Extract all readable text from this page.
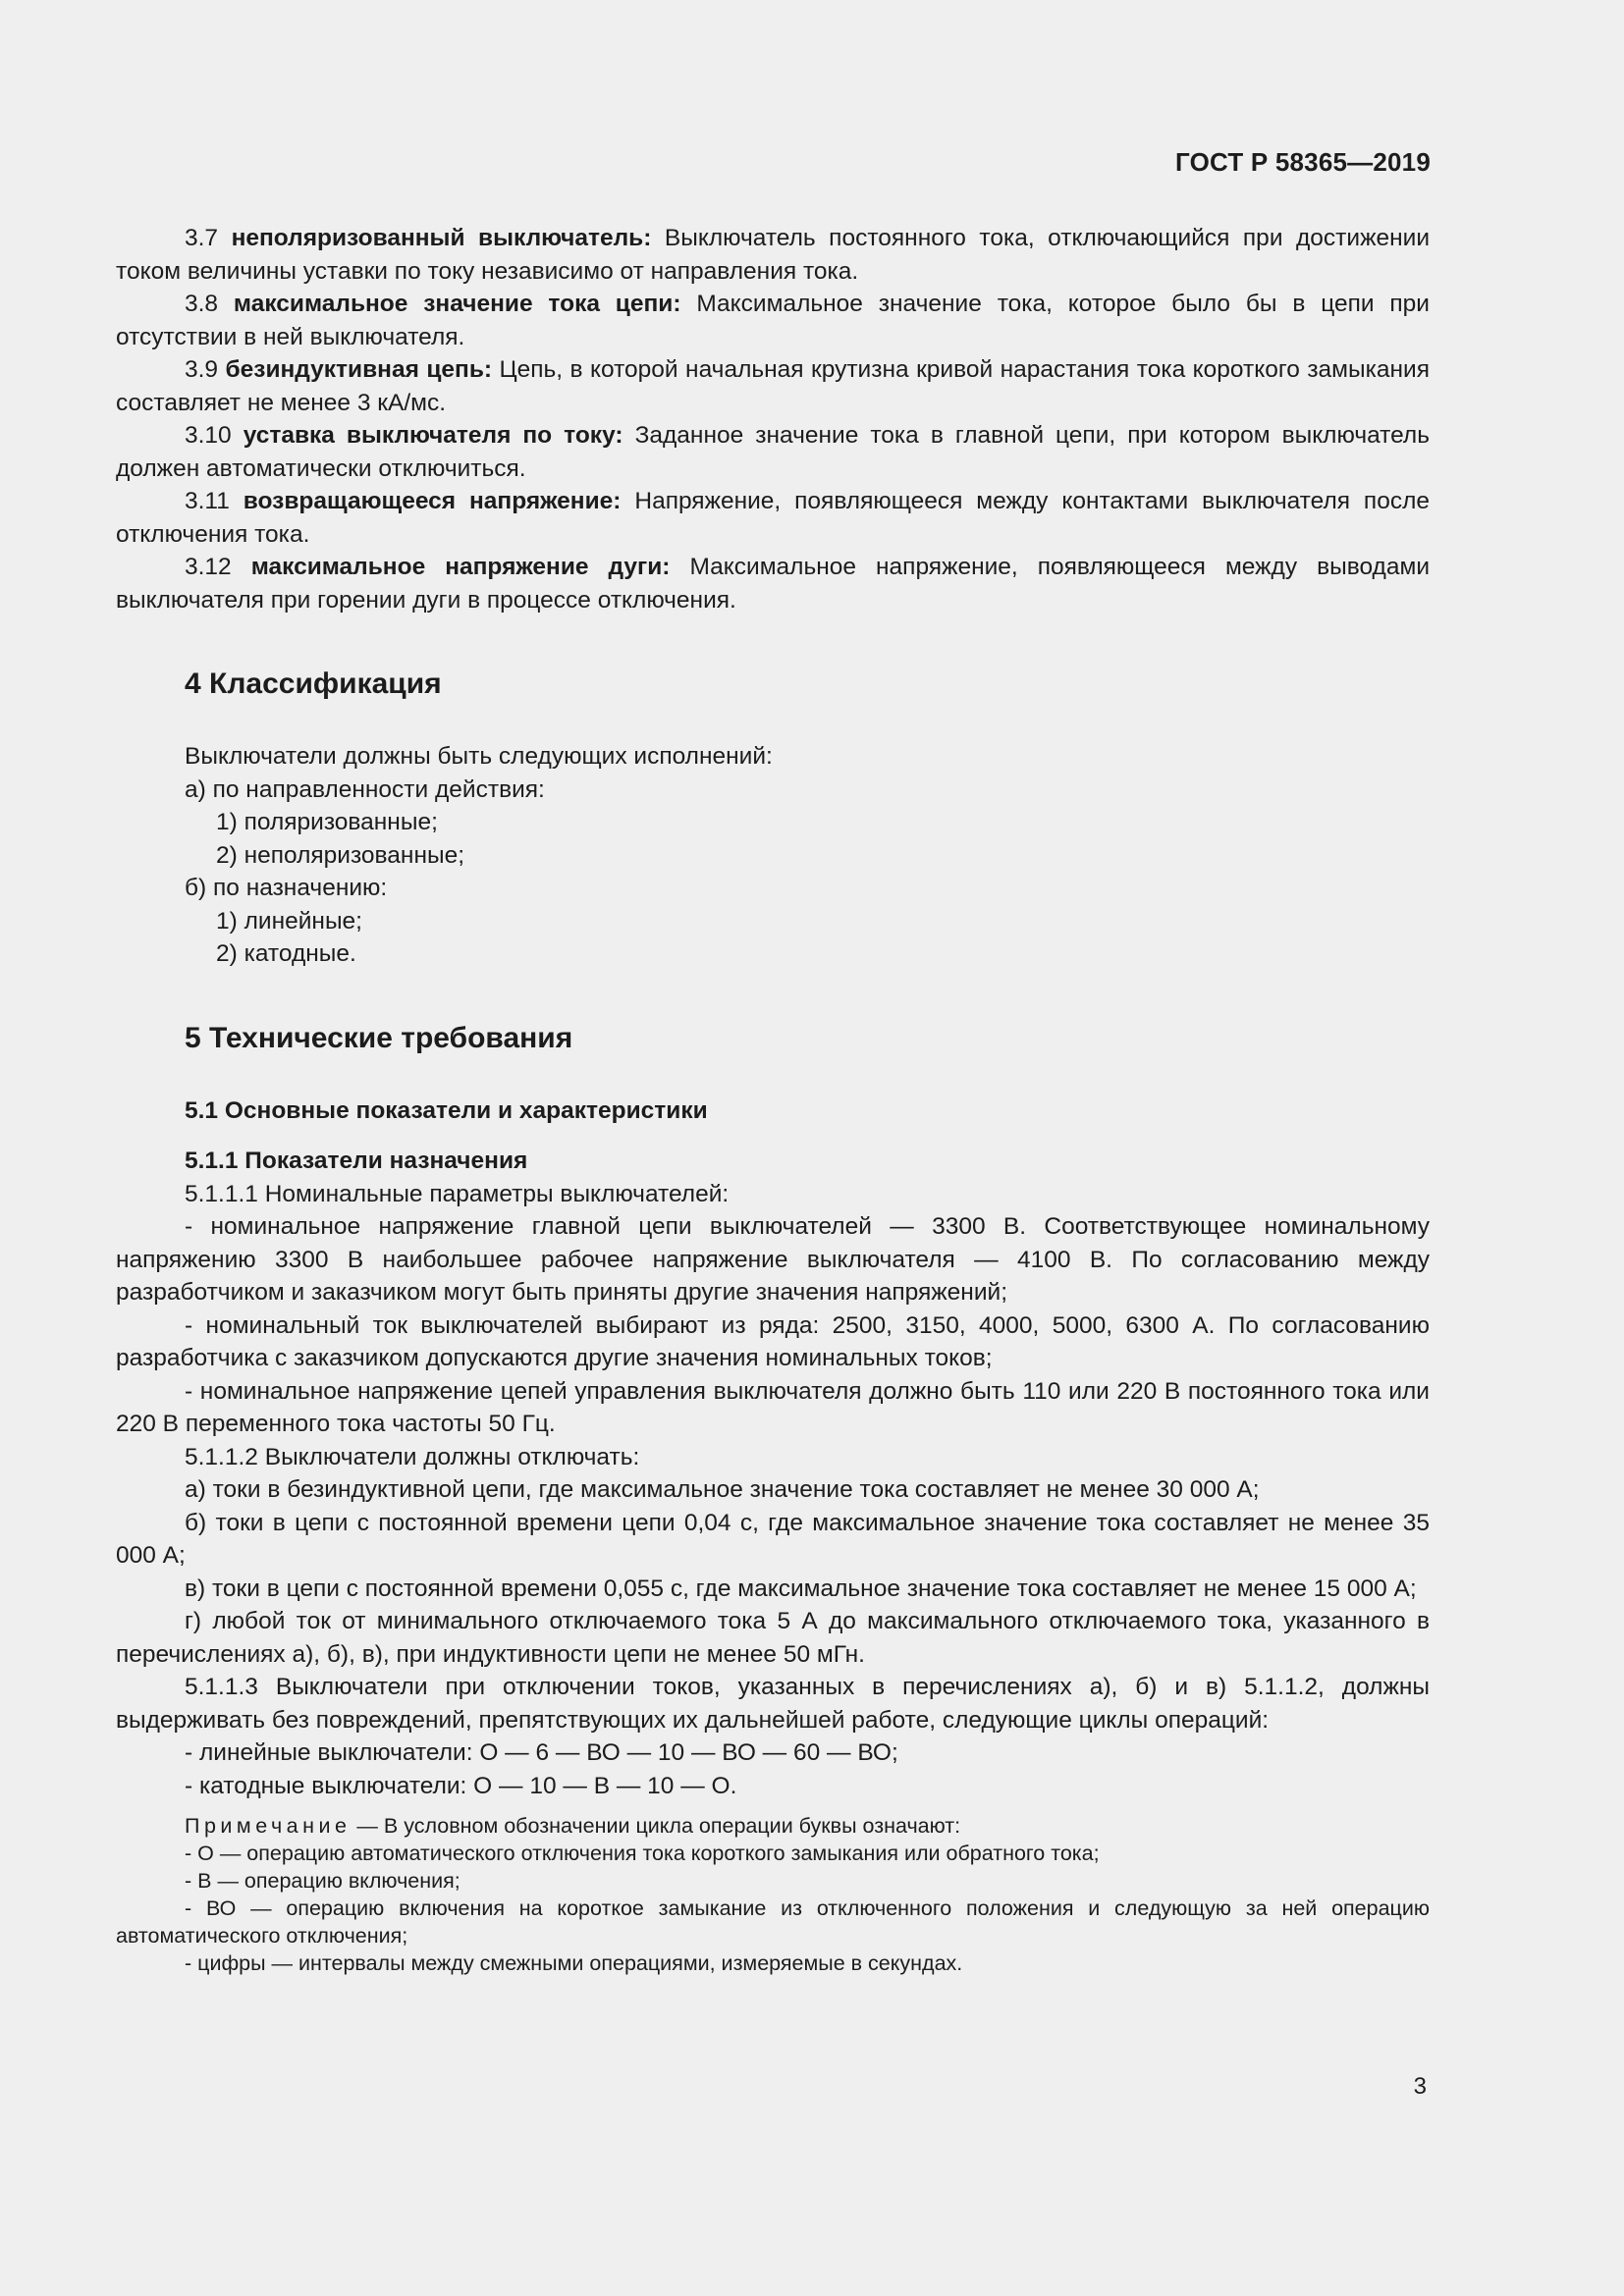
ГОСТ Р 58365—2019

3.7 неполяризованный выключатель: Выключатель постоянного тока, отключающийся при достижении током величины уставки по току независимо от направления тока.

3.8 максимальное значение тока цепи: Максимальное значение тока, которое было бы в цепи при отсутствии в ней выключателя.

3.9 безиндуктивная цепь: Цепь, в которой начальная крутизна кривой нарастания тока короткого замыкания составляет не менее 3 кА/мс.

3.10 уставка выключателя по току: Заданное значение тока в главной цепи, при котором выключатель должен автоматически отключиться.

3.11 возвращающееся напряжение: Напряжение, появляющееся между контактами выключателя после отключения тока.

3.12 максимальное напряжение дуги: Максимальное напряжение, появляющееся между выводами выключателя при горении дуги в процессе отключения.

4 Классификация

Выключатели должны быть следующих исполнений:

а) по направленности действия:

1) поляризованные;

2) неполяризованные;

б) по назначению:

1) линейные;

2) катодные.

5 Технические требования
5.1 Основные показатели и характеристики
5.1.1 Показатели назначения

5.1.1.1 Номинальные параметры выключателей:

- номинальное напряжение главной цепи выключателей — 3300 В. Соответствующее номинальному напряжению 3300 В наибольшее рабочее напряжение выключателя — 4100 В. По согласованию между разработчиком и заказчиком могут быть приняты другие значения напряжений;

- номинальный ток выключателей выбирают из ряда: 2500, 3150, 4000, 5000, 6300 А. По согласованию разработчика с заказчиком допускаются другие значения номинальных токов;

- номинальное напряжение цепей управления выключателя должно быть 110 или 220 В постоянного тока или 220 В переменного тока частоты 50 Гц.

5.1.1.2 Выключатели должны отключать:

а) токи в безиндуктивной цепи, где максимальное значение тока составляет не менее 30 000 А;

б) токи в цепи с постоянной времени цепи 0,04 с, где максимальное значение тока составляет не менее 35 000 А;

в) токи в цепи с постоянной времени 0,055 с, где максимальное значение тока составляет не менее 15 000 А;

г) любой ток от минимального отключаемого тока 5 А до максимального отключаемого тока, указанного в перечислениях а), б), в), при индуктивности цепи не менее 50 мГн.

5.1.1.3 Выключатели при отключении токов, указанных в перечислениях а), б) и в) 5.1.1.2, должны выдерживать без повреждений, препятствующих их дальнейшей работе, следующие циклы операций:

- линейные выключатели: О — 6 — ВО — 10 — ВО — 60 — ВО;

- катодные выключатели: О — 10 — В — 10 — О.

Примечание — В условном обозначении цикла операции буквы означают:

- О — операцию автоматического отключения тока короткого замыкания или обратного тока;

- В — операцию включения;

- ВО — операцию включения на короткое замыкание из отключенного положения и следующую за ней операцию автоматического отключения;

- цифры — интервалы между смежными операциями, измеряемые в секундах.

3
